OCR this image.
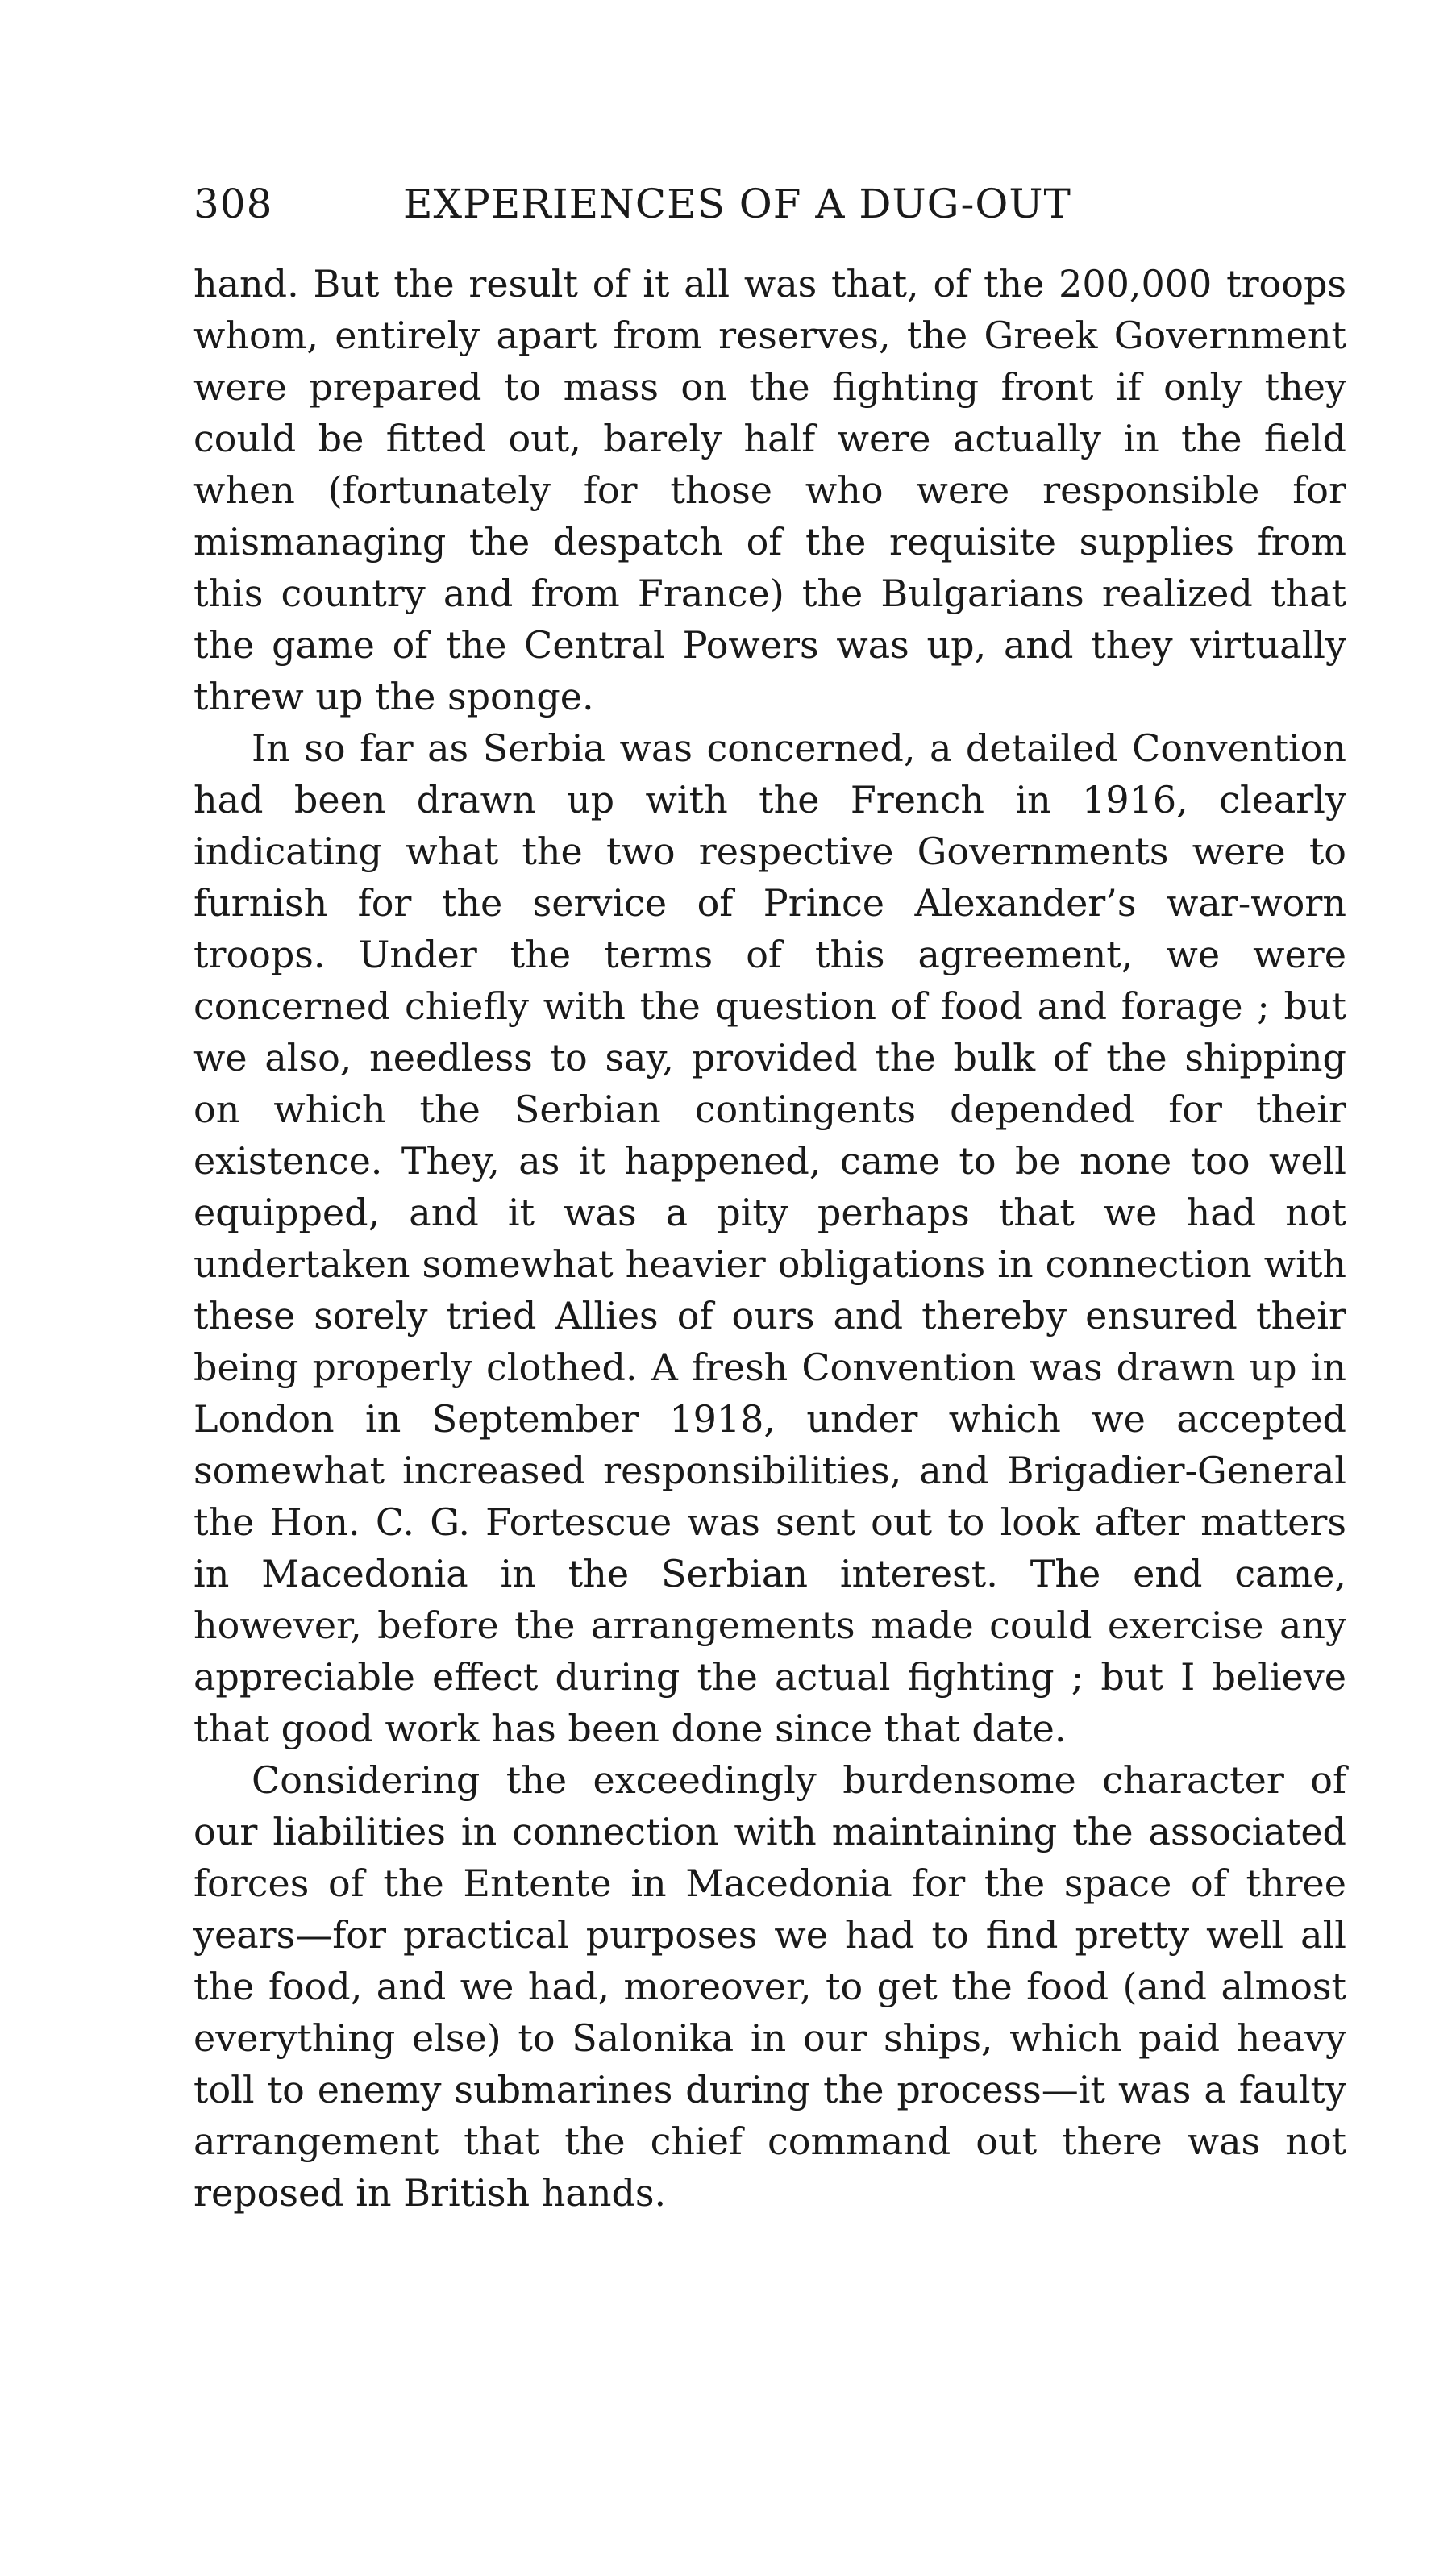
308	EXPERIENCES OF A DUG-OUT

hand. But the result of it all was that, of the 200,000 troops whom, entirely apart from reserves, the Greek Government were prepared to mass on the fighting front if only they could be fitted out, barely half were actually in the field when (fortunately for those who were responsible for mismanaging the despatch of the requisite supplies from this country and from France) the Bulgarians realized that the game of the Central Powers was up, and they virtually threw up the sponge.

In so far as Serbia was concerned, a detailed Convention had been drawn up with the French in 1916, clearly indicating what the two respective Governments were to furnish for the service of Prince Alexander’s war-worn troops. Under the terms of this agreement, we were concerned chiefly with the question of food and forage ; but we also, needless to say, provided the bulk of the shipping on which the Serbian contingents depended for their existence. They, as it happened, came to be none too well equipped, and it was a pity perhaps that we had not undertaken somewhat heavier obligations in connection with these sorely tried Allies of ours and thereby ensured their being properly clothed. A fresh Convention was drawn up in London in September 1918, under which we accepted somewhat increased responsibilities, and Brigadier-General the Hon. C. G. Fortescue was sent out to look after matters in Macedonia in the Serbian interest. The end came, however, before the arrangements made could exercise any appreciable effect during the actual fighting ; but I believe that good work has been done since that date.

Considering the exceedingly burdensome character of our liabilities in connection with maintaining the associated forces of the Entente in Macedonia for the space of three years—for practical purposes we had to find pretty well all the food, and we had, moreover, to get the food (and almost everything else) to Salonika in our ships, which paid heavy toll to enemy submarines during the process—it was a faulty arrangement that the chief command out there was not reposed in British hands.
